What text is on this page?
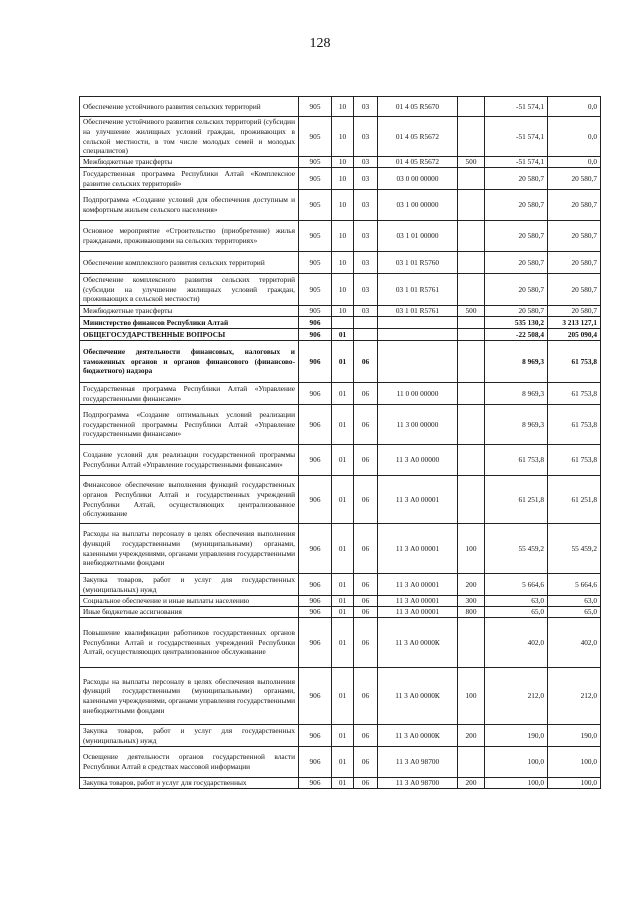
128
Обеспечение устойчивого развития сельских территорий	905	10	03	01 4 05 R5670		-51 574,1	0,0
Обеспечение устойчивого развития сельских территорий (субсидии на улучшение жилищных условий граждан, проживающих в сельской местности, в том числе молодых семей и молодых специалистов)	905	10	03	01 4 05 R5672		-51 574,1	0,0
Межбюджетные трансферты	905	10	03	01 4 05 R5672	500	-51 574,1	0,0
Государственная программа Республики Алтай «Комплексное развитие сельских территорий»	905	10	03	03 0 00 00000		20 580,7	20 580,7
Подпрограмма «Создание условий для обеспечения доступным и комфортным жильем сельского населения»	905	10	03	03 1 00 00000		20 580,7	20 580,7
Основное мероприятие «Строительство (приобретение) жилья гражданами, проживающими на сельских территориях»	905	10	03	03 1 01 00000		20 580,7	20 580,7
Обеспечение комплексного развития сельских территорий	905	10	03	03 1 01 R5760		20 580,7	20 580,7
Обеспечение комплексного развития сельских территорий (субсидии на улучшение жилищных условий граждан, проживающих в сельской местности)	905	10	03	03 1 01 R5761		20 580,7	20 580,7
Межбюджетные трансферты	905	10	03	03 1 01 R5761	500	20 580,7	20 580,7
Министерство финансов Республики Алтай	906					535 130,2	3 213 127,1
ОБЩЕГОСУДАРСТВЕННЫЕ ВОПРОСЫ	906	01				-22 508,4	205 090,4
Обеспечение деятельности финансовых, налоговых и таможенных органов и органов финансового (финансово-бюджетного) надзора	906	01	06			8 969,3	61 753,8
Государственная программа Республики Алтай «Управление государственными финансами»	906	01	06	11 0 00 00000		8 969,3	61 753,8
Подпрограмма «Создание оптимальных условий реализации государственной программы Республики Алтай «Управление государственными финансами»	906	01	06	11 3 00 00000		8 969,3	61 753,8
Создание условий для реализации государственной программы Республики Алтай «Управление государственными финансами»	906	01	06	11 3 А0 00000		61 753,8	61 753,8
Финансовое обеспечение выполнения функций государственных органов Республики Алтай и государственных учреждений Республики Алтай, осуществляющих централизованное обслуживание	906	01	06	11 3 А0 00001		61 251,8	61 251,8
Расходы на выплаты персоналу в целях обеспечения выполнения функций государственными (муниципальными) органами, казенными учреждениями, органами управления государственными внебюджетными фондами	906	01	06	11 3 А0 00001	100	55 459,2	55 459,2
Закупка товаров, работ и услуг для государственных (муниципальных) нужд	906	01	06	11 3 А0 00001	200	5 664,6	5 664,6
Социальное обеспечение и иные выплаты населению	906	01	06	11 3 А0 00001	300	63,0	63,0
Иные бюджетные ассигнования	906	01	06	11 3 А0 00001	800	65,0	65,0
Повышение квалификации работников государственных органов Республики Алтай и государственных учреждений Республики Алтай, осуществляющих централизованное обслуживание	906	01	06	11 3 А0 0000К		402,0	402,0
Расходы на выплаты персоналу в целях обеспечения выполнения функций государственными (муниципальными) органами, казенными учреждениями, органами управления государственными внебюджетными фондами	906	01	06	11 3 А0 0000К	100	212,0	212,0
Закупка товаров, работ и услуг для государственных (муниципальных) нужд	906	01	06	11 3 А0 0000К	200	190,0	190,0
Освещение деятельности органов государственной власти Республики Алтай в средствах массовой информации	906	01	06	11 3 А0 98700		100,0	100,0
Закупка товаров, работ и услуг для государственных	906	01	06	11 3 А0 98700	200	100,0	100,0
